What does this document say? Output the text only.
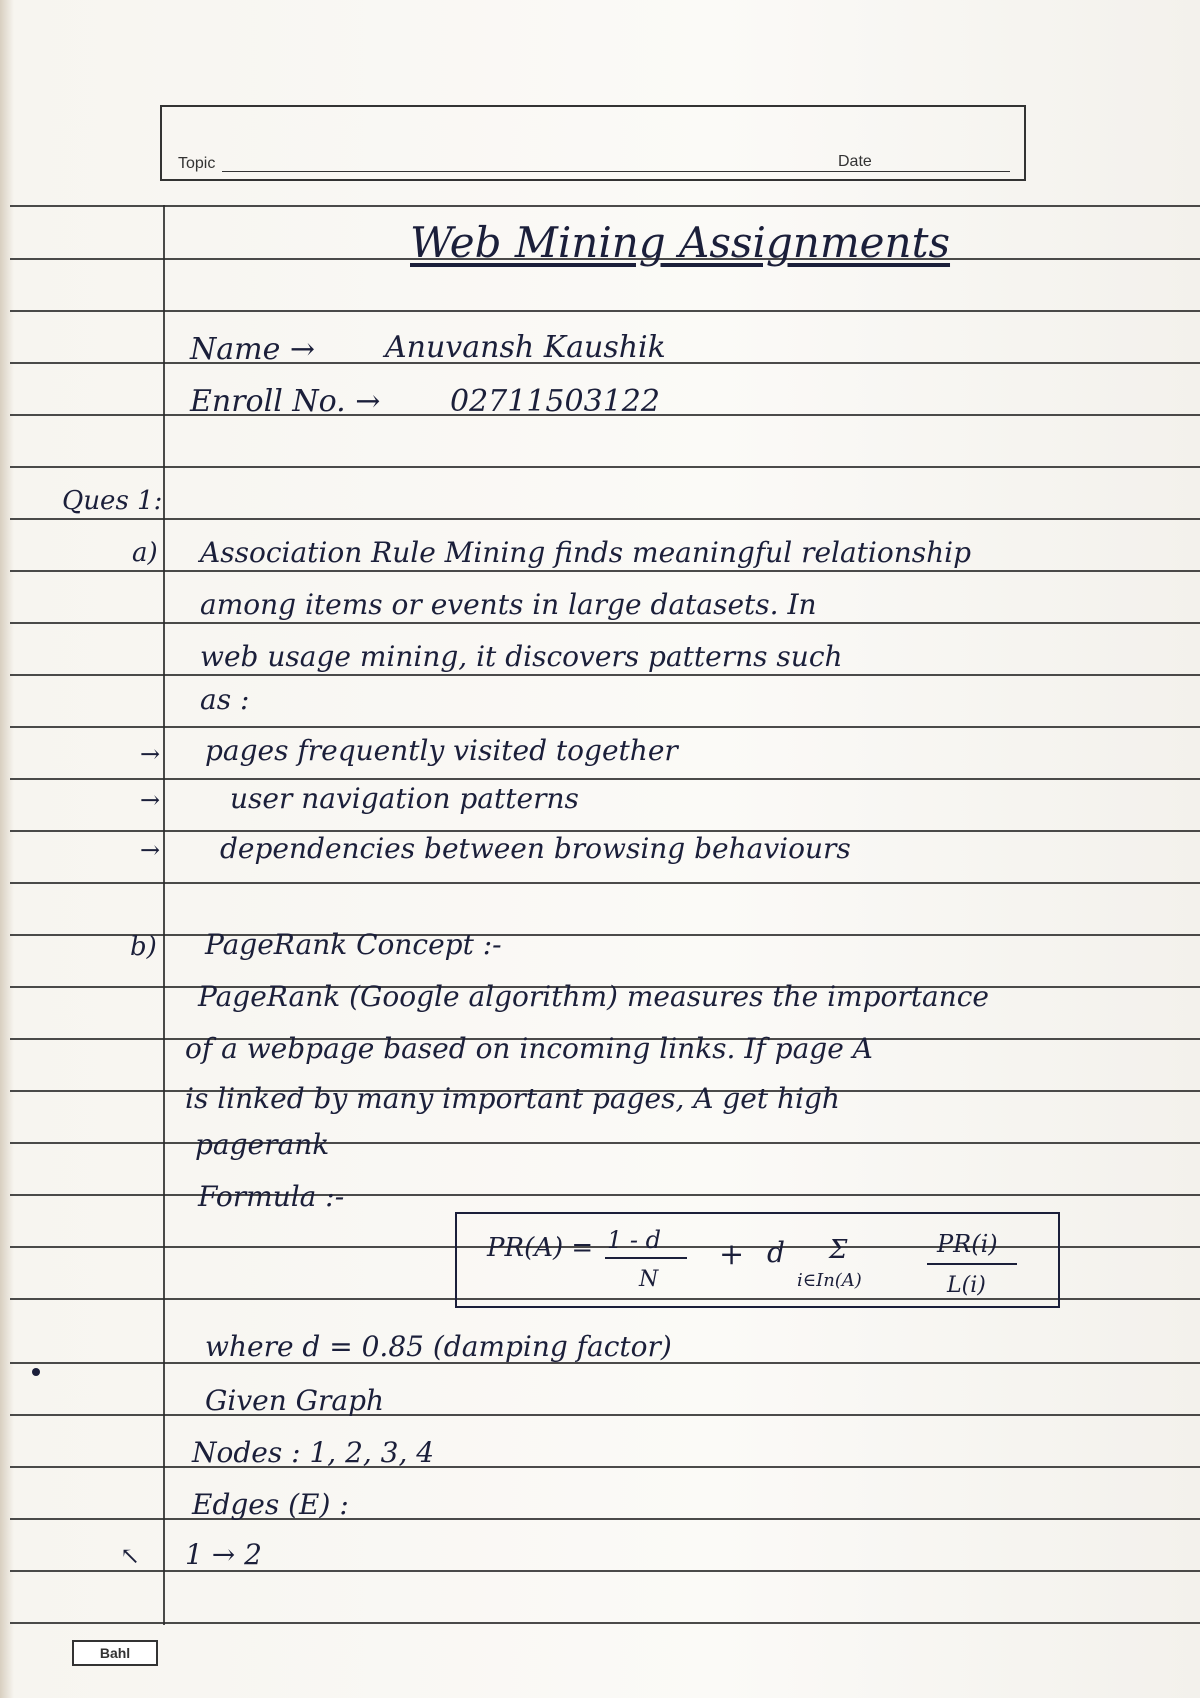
Topic	Date
Web Mining Assignments
Name → Anuvansh Kaushik
Enroll No. → 02711503122
Ques 1:
a) Association Rule Mining finds meaningful relationship
among items or events in large datasets. In
web usage mining, it discovers patterns such
as :
→ pages frequently visited together
→ user navigation patterns
→ dependencies between browsing behaviours
b) PageRank Concept :-
PageRank (Google algorithm) measures the importance
of a webpage based on incoming links. If page A
is linked by many important pages, A get high
pagerank
Formula :-
PR(A) = 1 - d
N
+ d Σ
i∈In(A)
PR(i)
L(i)
where d = 0.85 (damping factor)
Given Graph
Nodes : 1, 2, 3, 4
Edges (E) :
↖ 1 → 2
Bahl
